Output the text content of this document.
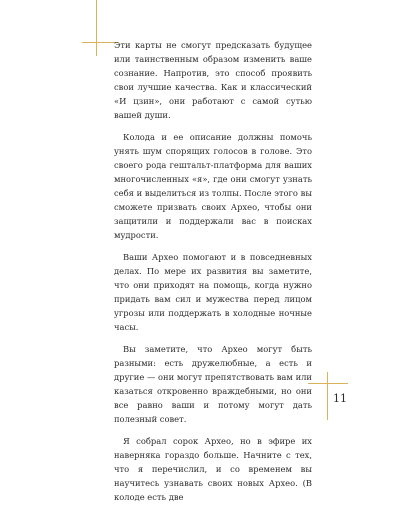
Эти карты не смогут предсказать будущее или таинственным образом изменить ваше сознание. Напротив, это способ проявить свои лучшие качества. Как и классический «И цзин», они работают с самой сутью вашей души.

Колода и ее описание должны помочь унять шум спорящих голосов в голове. Это своего рода гештальт-платформа для ваших многочисленных «я», где они смогут узнать себя и выделиться из толпы. После этого вы сможете призвать своих Архео, чтобы они защитили и поддержали вас в поисках мудрости.

Ваши Архео помогают и в повседневных делах. По мере их развития вы заметите, что они приходят на помощь, когда нужно придать вам сил и мужества перед лицом угрозы или поддержать в холодные ночные часы.

Вы заметите, что Архео могут быть разными: есть дружелюбные, а есть и другие — они могут препятствовать вам или казаться откровенно враждебными, но они все равно ваши и потому могут дать полезный совет.

Я собрал сорок Архео, но в эфире их наверняка гораздо больше. Начните с тех, что я перечислил, и со временем вы научитесь узнавать своих новых Архео. (В колоде есть две

11
